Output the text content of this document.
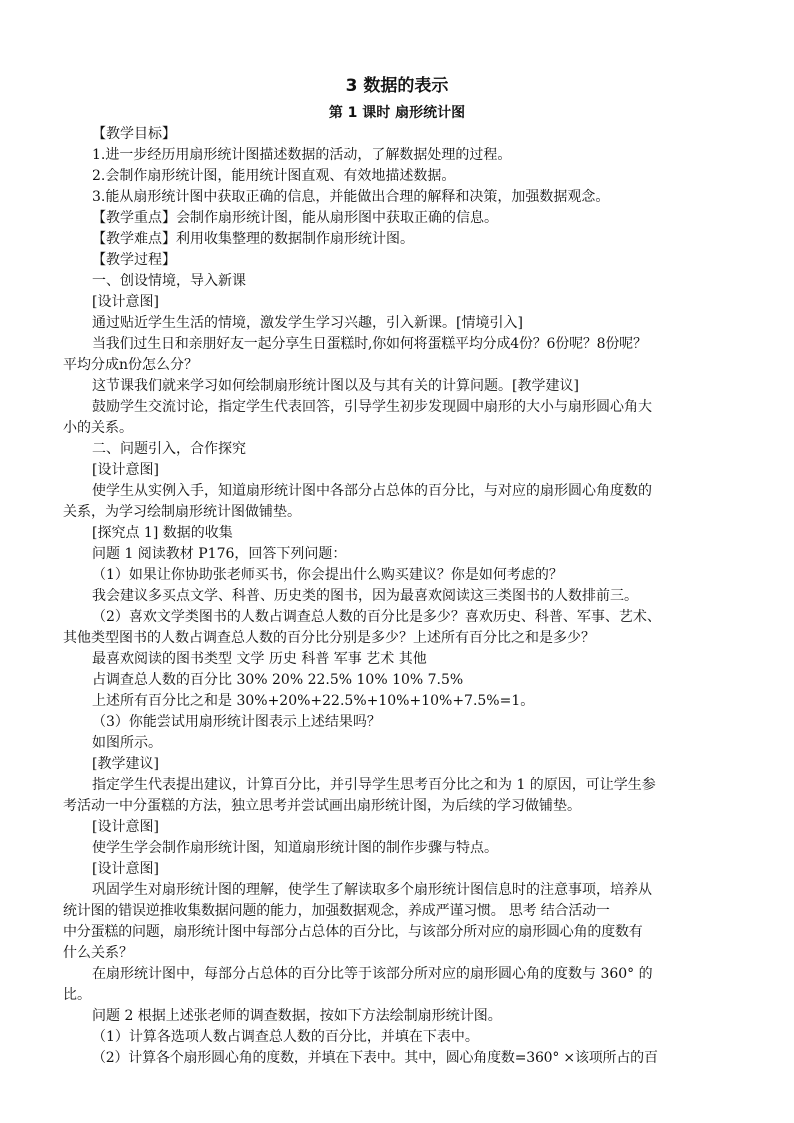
3 数据的表示
第 1 课时 扇形统计图
【教学目标】
1.进一步经历用扇形统计图描述数据的活动，了解数据处理的过程。
2.会制作扇形统计图，能用统计图直观、有效地描述数据。
3.能从扇形统计图中获取正确的信息，并能做出合理的解释和决策，加强数据观念。
【教学重点】会制作扇形统计图，能从扇形图中获取正确的信息。
【教学难点】利用收集整理的数据制作扇形统计图。
【教学过程】
一、创设情境，导入新课
[设计意图]
通过贴近学生生活的情境，激发学生学习兴趣，引入新课。[情境引入]
当我们过生日和亲朋好友一起分享生日蛋糕时,你如何将蛋糕平均分成4份？6份呢？8份呢？
平均分成n份怎么分？
这节课我们就来学习如何绘制扇形统计图以及与其有关的计算问题。[教学建议]
鼓励学生交流讨论，指定学生代表回答，引导学生初步发现圆中扇形的大小与扇形圆心角大
小的关系。
二、问题引入，合作探究
[设计意图]
使学生从实例入手，知道扇形统计图中各部分占总体的百分比，与对应的扇形圆心角度数的
关系，为学习绘制扇形统计图做铺垫。
[探究点 1] 数据的收集
问题 1 阅读教材 P176，回答下列问题：
（1）如果让你协助张老师买书，你会提出什么购买建议？你是如何考虑的？
我会建议多买点文学、科普、历史类的图书，因为最喜欢阅读这三类图书的人数排前三。
（2）喜欢文学类图书的人数占调查总人数的百分比是多少？喜欢历史、科普、军事、艺术、
其他类型图书的人数占调查总人数的百分比分别是多少？上述所有百分比之和是多少？
最喜欢阅读的图书类型 文学 历史 科普 军事 艺术 其他
占调查总人数的百分比 30% 20% 22.5% 10% 10% 7.5%
上述所有百分比之和是 30%+20%+22.5%+10%+10%+7.5%=1。
（3）你能尝试用扇形统计图表示上述结果吗？
如图所示。
[教学建议]
指定学生代表提出建议，计算百分比，并引导学生思考百分比之和为 1 的原因，可让学生参
考活动一中分蛋糕的方法，独立思考并尝试画出扇形统计图，为后续的学习做铺垫。
[设计意图]
使学生学会制作扇形统计图，知道扇形统计图的制作步骤与特点。
[设计意图]
巩固学生对扇形统计图的理解，使学生了解读取多个扇形统计图信息时的注意事项，培养从
统计图的错误逆推收集数据问题的能力，加强数据观念，养成严谨习惯。 思考 结合活动一
中分蛋糕的问题，扇形统计图中每部分占总体的百分比，与该部分所对应的扇形圆心角的度数有
什么关系？
在扇形统计图中，每部分占总体的百分比等于该部分所对应的扇形圆心角的度数与 360° 的
比。
问题 2 根据上述张老师的调查数据，按如下方法绘制扇形统计图。
（1）计算各选项人数占调查总人数的百分比，并填在下表中。
（2）计算各个扇形圆心角的度数，并填在下表中。其中，圆心角度数=360° ×该项所占的百
